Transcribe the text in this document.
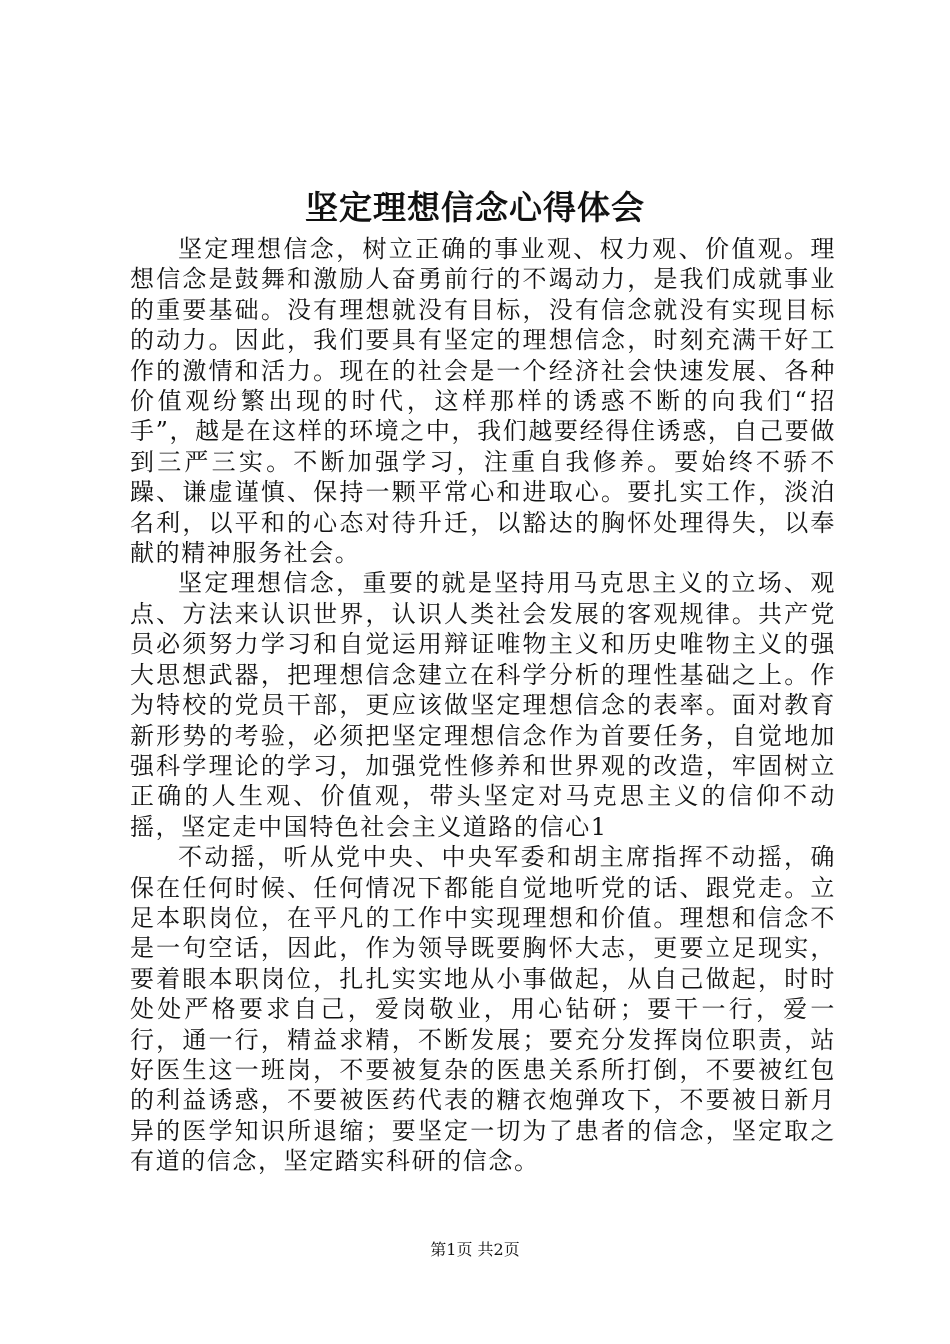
坚定理想信念心得体会

坚定理想信念，树立正确的事业观、权力观、价值观。理想信念是鼓舞和激励人奋勇前行的不竭动力，是我们成就事业的重要基础。没有理想就没有目标，没有信念就没有实现目标的动力。因此，我们要具有坚定的理想信念，时刻充满干好工作的激情和活力。现在的社会是一个经济社会快速发展、各种价值观纷繁出现的时代，这样那样的诱惑不断的向我们“招手”，越是在这样的环境之中，我们越要经得住诱惑，自己要做到三严三实。不断加强学习，注重自我修养。要始终不骄不躁、谦虚谨慎、保持一颗平常心和进取心。要扎实工作，淡泊名利，以平和的心态对待升迁，以豁达的胸怀处理得失，以奉献的精神服务社会。

坚定理想信念，重要的就是坚持用马克思主义的立场、观点、方法来认识世界，认识人类社会发展的客观规律。共产党员必须努力学习和自觉运用辩证唯物主义和历史唯物主义的强大思想武器，把理想信念建立在科学分析的理性基础之上。作为特校的党员干部，更应该做坚定理想信念的表率。面对教育新形势的考验，必须把坚定理想信念作为首要任务，自觉地加强科学理论的学习，加强党性修养和世界观的改造，牢固树立正确的人生观、价值观，带头坚定对马克思主义的信仰不动摇，坚定走中国特色社会主义道路的信心1

不动摇，听从党中央、中央军委和胡主席指挥不动摇，确保在任何时候、任何情况下都能自觉地听党的话、跟党走。立足本职岗位，在平凡的工作中实现理想和价值。理想和信念不是一句空话，因此，作为领导既要胸怀大志，更要立足现实，要着眼本职岗位，扎扎实实地从小事做起，从自己做起，时时处处严格要求自己，爱岗敬业，用心钻研；要干一行，爱一行，通一行，精益求精，不断发展；要充分发挥岗位职责，站好医生这一班岗，不要被复杂的医患关系所打倒，不要被红包的利益诱惑，不要被医药代表的糖衣炮弹攻下，不要被日新月异的医学知识所退缩；要坚定一切为了患者的信念，坚定取之有道的信念，坚定踏实科研的信念。

第1页 共2页
